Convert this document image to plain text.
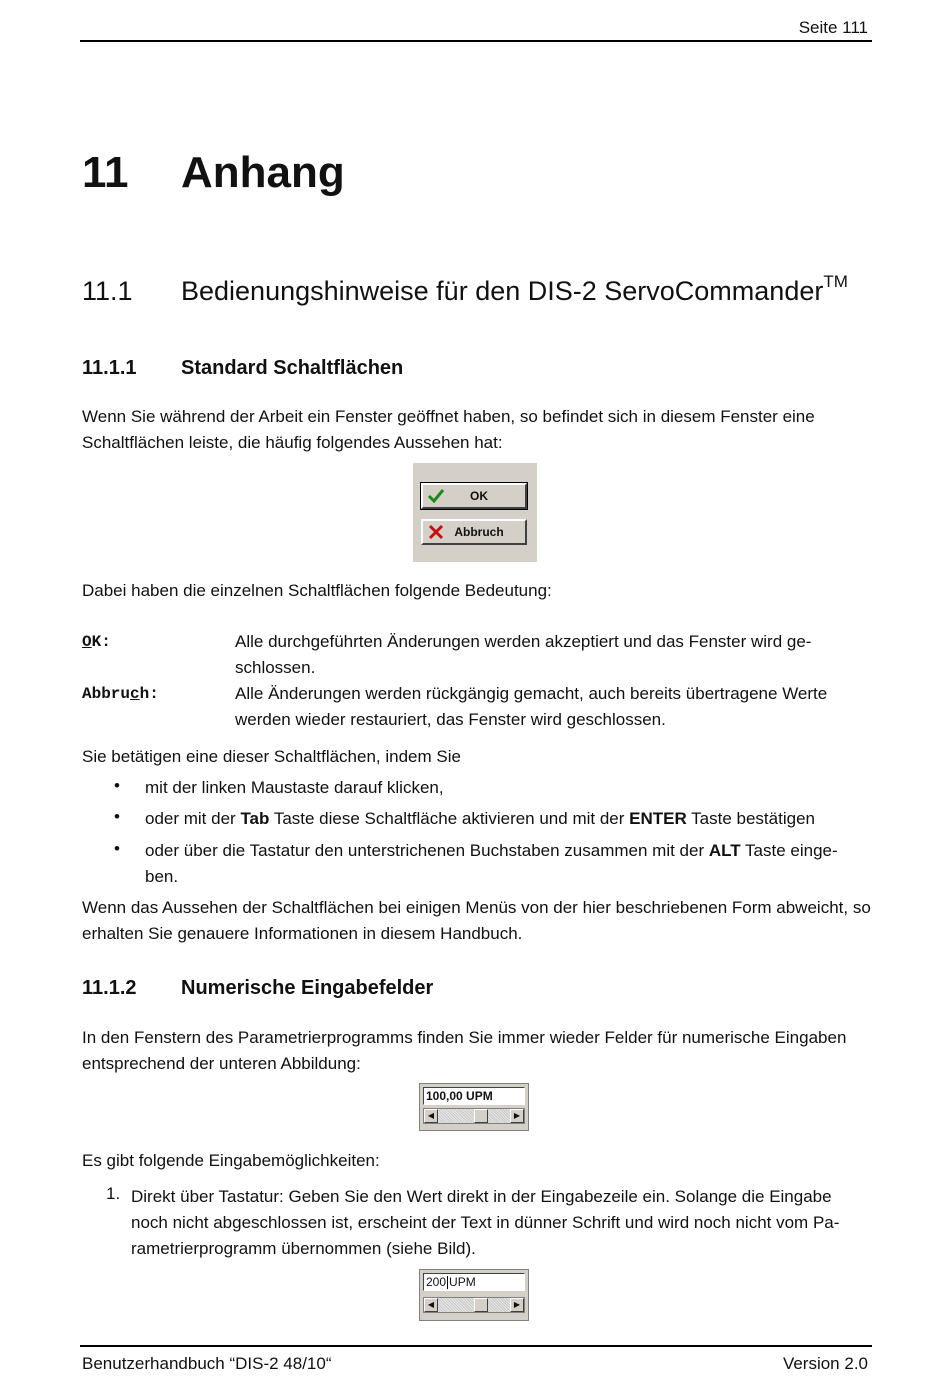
Seite 111
11 Anhang
11.1 Bedienungshinweise für den DIS-2 ServoCommander™
11.1.1 Standard Schaltflächen
Wenn Sie während der Arbeit ein Fenster geöffnet haben, so befindet sich in diesem Fenster eine Schaltflächen leiste, die häufig folgendes Aussehen hat:
OK
Abbruch
Dabei haben die einzelnen Schaltflächen folgende Bedeutung:
OK:	Alle durchgeführten Änderungen werden akzeptiert und das Fenster wird ge-schlossen.
Abbruch:	Alle Änderungen werden rückgängig gemacht, auch bereits übertragene Werte werden wieder restauriert, das Fenster wird geschlossen.
Sie betätigen eine dieser Schaltflächen, indem Sie
• mit der linken Maustaste darauf klicken,
• oder mit der Tab Taste diese Schaltfläche aktivieren und mit der ENTER Taste bestätigen
• oder über die Tastatur den unterstrichenen Buchstaben zusammen mit der ALT Taste einge-ben.
Wenn das Aussehen der Schaltflächen bei einigen Menüs von der hier beschriebenen Form abweicht, so erhalten Sie genauere Informationen in diesem Handbuch.
11.1.2 Numerische Eingabefelder
In den Fenstern des Parametrierprogramms finden Sie immer wieder Felder für numerische Eingaben entsprechend der unteren Abbildung:
100,00 UPM
◀	▶
Es gibt folgende Eingabemöglichkeiten:
1. Direkt über Tastatur: Geben Sie den Wert direkt in der Eingabezeile ein. Solange die Eingabe noch nicht abgeschlossen ist, erscheint der Text in dünner Schrift und wird noch nicht vom Pa-rametrierprogramm übernommen (siehe Bild).
200 UPM
◀	▶
Benutzerhandbuch “DIS-2 48/10“	Version 2.0
